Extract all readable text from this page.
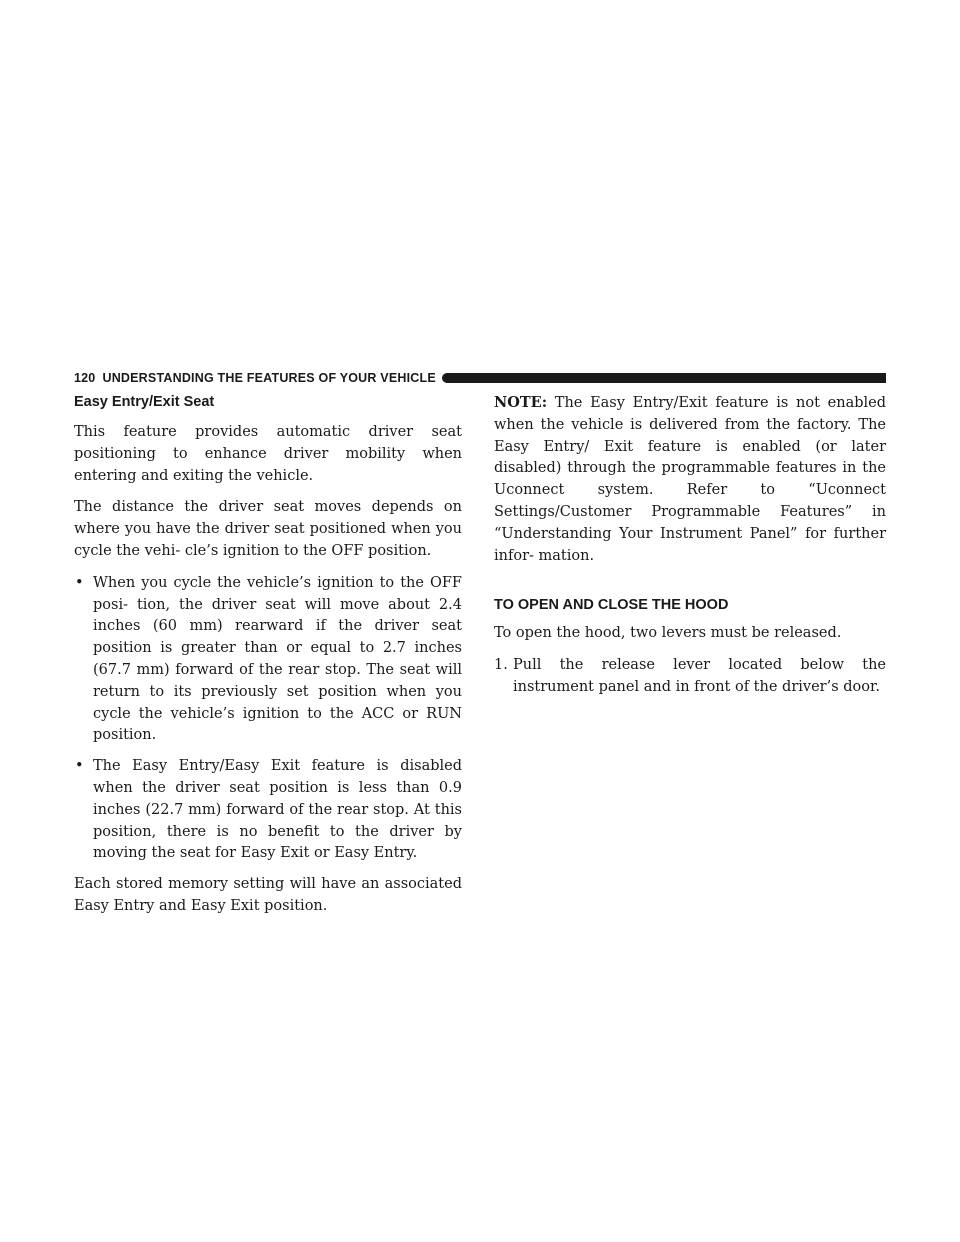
120 UNDERSTANDING THE FEATURES OF YOUR VEHICLE
Easy Entry/Exit Seat

This feature provides automatic driver seat positioning to enhance driver mobility when entering and exiting the vehicle.

The distance the driver seat moves depends on where you have the driver seat positioned when you cycle the vehi- cle’s ignition to the OFF position.

• When you cycle the vehicle’s ignition to the OFF posi- tion, the driver seat will move about 2.4 inches (60 mm) rearward if the driver seat position is greater than or equal to 2.7 inches (67.7 mm) forward of the rear stop. The seat will return to its previously set position when you cycle the vehicle’s ignition to the ACC or RUN position.
• The Easy Entry/Easy Exit feature is disabled when the driver seat position is less than 0.9 inches (22.7 mm) forward of the rear stop. At this position, there is no benefit to the driver by moving the seat for Easy Exit or Easy Entry.

Each stored memory setting will have an associated Easy Entry and Easy Exit position.

NOTE: The Easy Entry/Exit feature is not enabled when the vehicle is delivered from the factory. The Easy Entry/ Exit feature is enabled (or later disabled) through the programmable features in the Uconnect system. Refer to “Uconnect Settings/Customer Programmable Features” in “Understanding Your Instrument Panel” for further infor- mation.

TO OPEN AND CLOSE THE HOOD

To open the hood, two levers must be released.

1. Pull the release lever located below the instrument panel and in front of the driver’s door.
